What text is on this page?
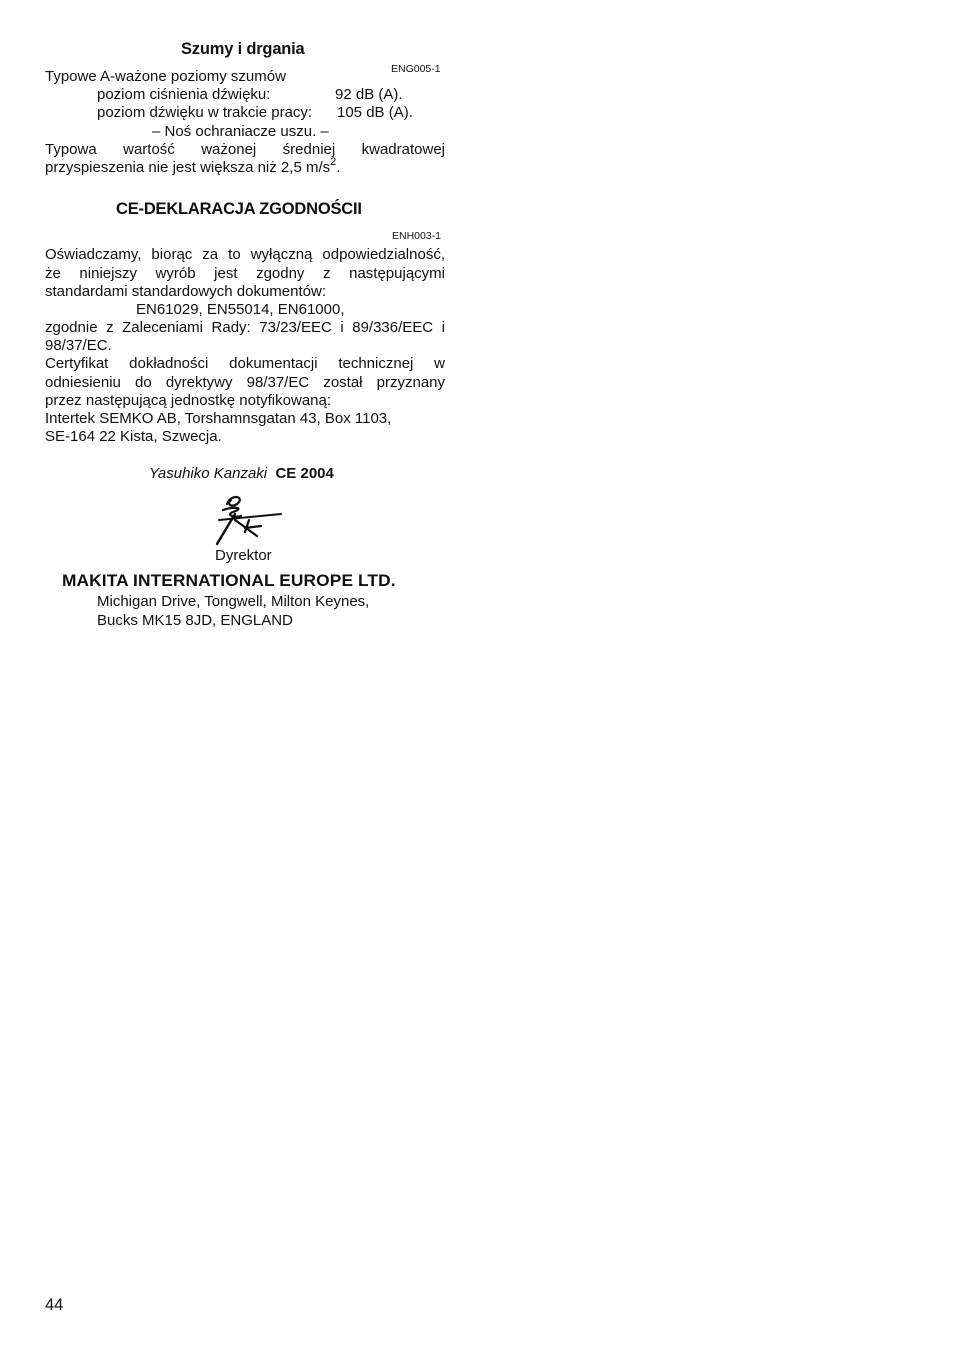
Szumy i drgania
ENG005-1
Typowe A-ważone poziomy szumów
poziom ciśnienia dźwięku:	92 dB (A).
poziom dźwięku w trakcie pracy: 105 dB (A).
– Noś ochraniacze uszu. –
Typowa wartość ważonej średniej kwadratowej
przyspieszenia nie jest większa niż 2,5 $m/s^2$.
CE-DEKLARACJA ZGODNOŚCII
ENH003-1
Oświadczamy, biorąc za to wyłączną odpowiedzialność,
że niniejszy wyrób jest zgodny z następującymi
standardami standardowych dokumentów:
EN61029, EN55014, EN61000,
zgodnie z Zaleceniami Rady: 73/23/EEC i 89/336/EEC i
98/37/EC.
Certyfikat dokładności dokumentacji technicznej w
odniesieniu do dyrektywy 98/37/EC został przyznany
przez następującą jednostkę notyfikowaną:
Intertek SEMKO AB, Torshamnsgatan 43, Box 1103,
SE-164 22 Kista, Szwecja.
Yasuhiko Kanzaki CE 2004
Dyrektor
MAKITA INTERNATIONAL EUROPE LTD.
Michigan Drive, Tongwell, Milton Keynes,
Bucks MK15 8JD, ENGLAND
44
